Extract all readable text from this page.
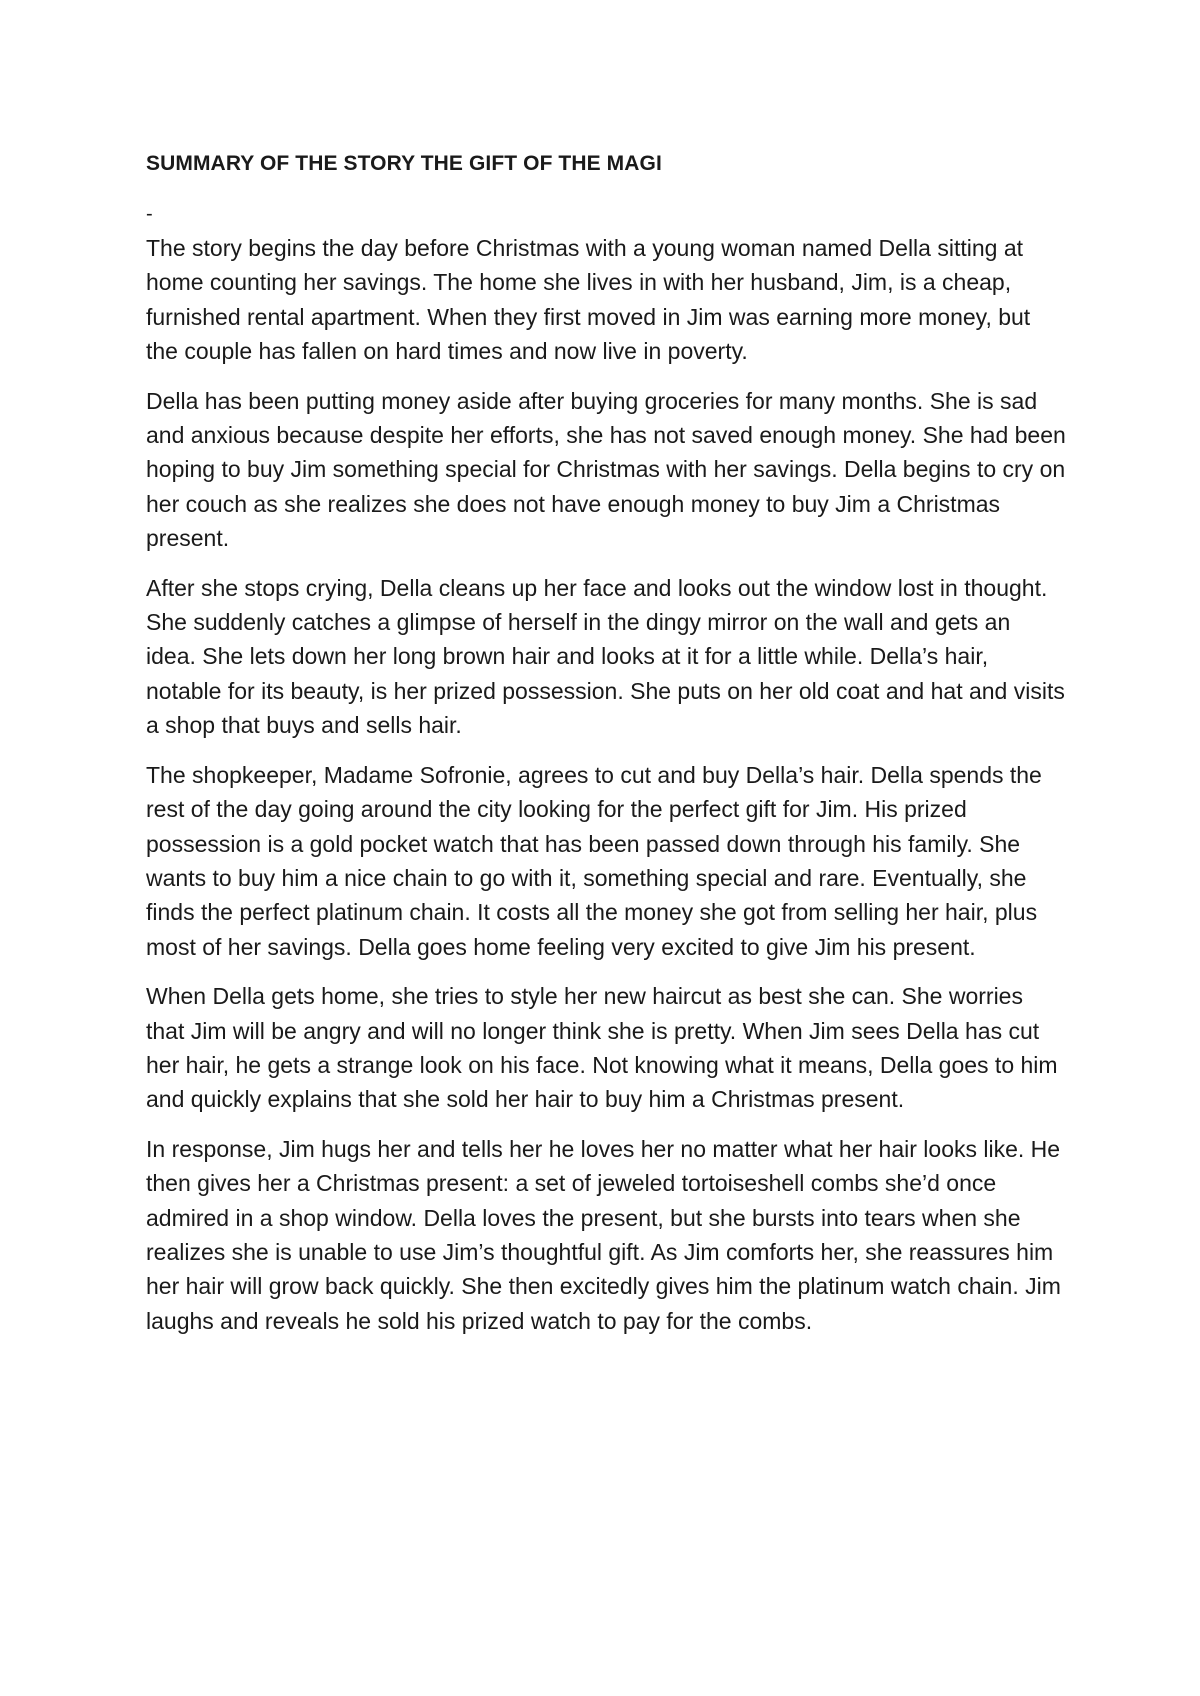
SUMMARY OF THE STORY THE GIFT OF THE MAGI
-

The story begins the day before Christmas with a young woman named Della sitting at home counting her savings. The home she lives in with her husband, Jim, is a cheap, furnished rental apartment. When they first moved in Jim was earning more money, but the couple has fallen on hard times and now live in poverty.

Della has been putting money aside after buying groceries for many months. She is sad and anxious because despite her efforts, she has not saved enough money. She had been hoping to buy Jim something special for Christmas with her savings. Della begins to cry on her couch as she realizes she does not have enough money to buy Jim a Christmas present.

After she stops crying, Della cleans up her face and looks out the window lost in thought. She suddenly catches a glimpse of herself in the dingy mirror on the wall and gets an idea. She lets down her long brown hair and looks at it for a little while. Della’s hair, notable for its beauty, is her prized possession. She puts on her old coat and hat and visits a shop that buys and sells hair.

The shopkeeper, Madame Sofronie, agrees to cut and buy Della’s hair. Della spends the rest of the day going around the city looking for the perfect gift for Jim. His prized possession is a gold pocket watch that has been passed down through his family. She wants to buy him a nice chain to go with it, something special and rare. Eventually, she finds the perfect platinum chain. It costs all the money she got from selling her hair, plus most of her savings. Della goes home feeling very excited to give Jim his present.

When Della gets home, she tries to style her new haircut as best she can. She worries that Jim will be angry and will no longer think she is pretty. When Jim sees Della has cut her hair, he gets a strange look on his face. Not knowing what it means, Della goes to him and quickly explains that she sold her hair to buy him a Christmas present.

In response, Jim hugs her and tells her he loves her no matter what her hair looks like. He then gives her a Christmas present: a set of jeweled tortoiseshell combs she’d once admired in a shop window. Della loves the present, but she bursts into tears when she realizes she is unable to use Jim’s thoughtful gift. As Jim comforts her, she reassures him her hair will grow back quickly. She then excitedly gives him the platinum watch chain. Jim laughs and reveals he sold his prized watch to pay for the combs.
